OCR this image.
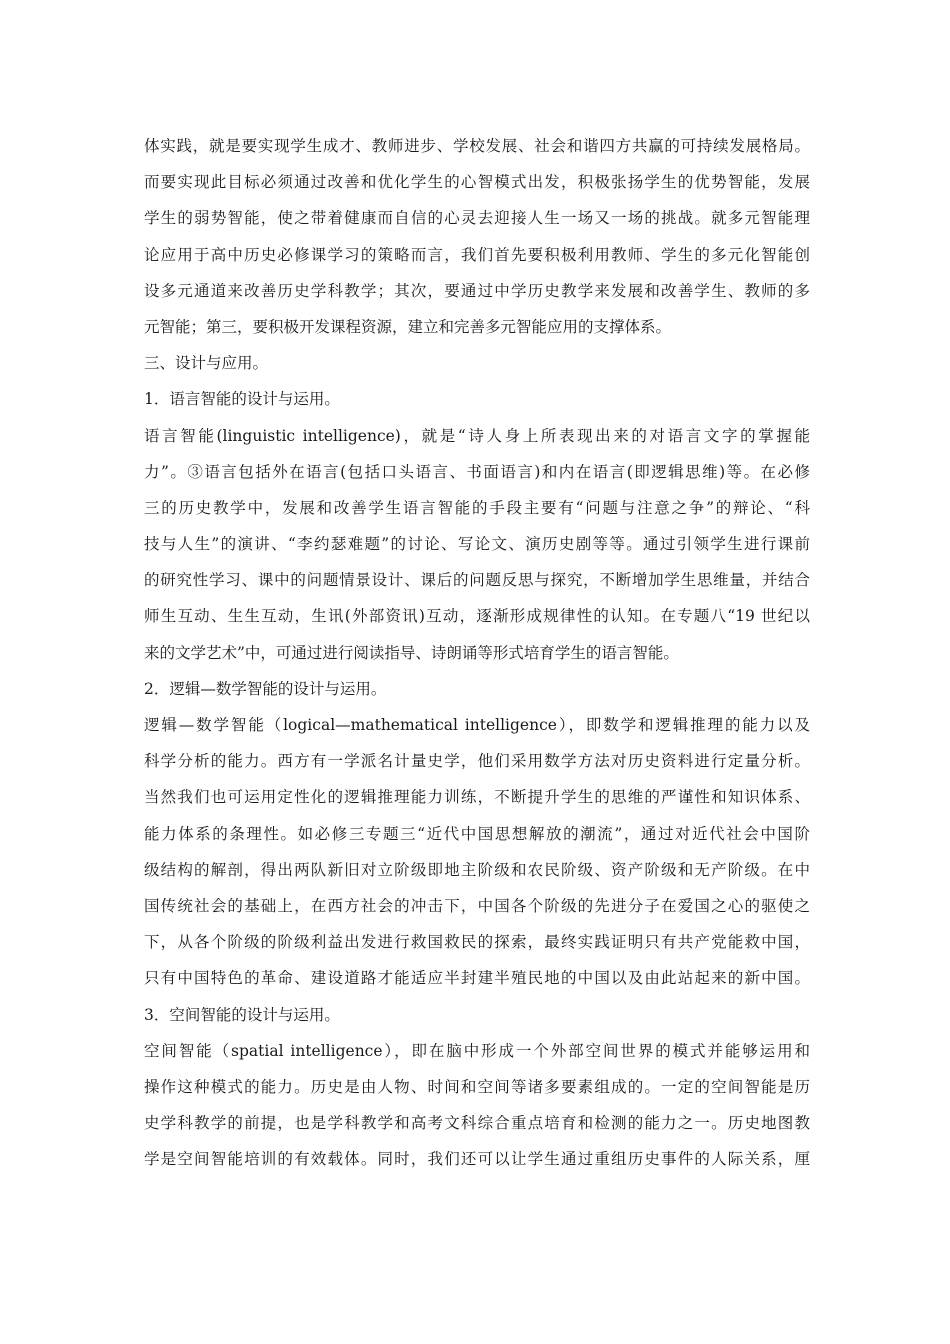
体实践，就是要实现学生成才、教师进步、学校发展、社会和谐四方共赢的可持续发展格局。
而要实现此目标必须通过改善和优化学生的心智模式出发，积极张扬学生的优势智能，发展
学生的弱势智能，使之带着健康而自信的心灵去迎接人生一场又一场的挑战。就多元智能理
论应用于高中历史必修课学习的策略而言，我们首先要积极利用教师、学生的多元化智能创
设多元通道来改善历史学科教学；其次，要通过中学历史教学来发展和改善学生、教师的多
元智能；第三，要积极开发课程资源，建立和完善多元智能应用的支撑体系。
三、设计与应用。
1．语言智能的设计与运用。
语言智能(linguistic intelligence)，就是“诗人身上所表现出来的对语言文字的掌握能
力”。③语言包括外在语言(包括口头语言、书面语言)和内在语言(即逻辑思维)等。在必修
三的历史教学中，发展和改善学生语言智能的手段主要有“问题与注意之争”的辩论、“科
技与人生”的演讲、“李约瑟难题”的讨论、写论文、演历史剧等等。通过引领学生进行课前
的研究性学习、课中的问题情景设计、课后的问题反思与探究，不断增加学生思维量，并结合
师生互动、生生互动，生讯(外部资讯)互动，逐渐形成规律性的认知。在专题八“19 世纪以
来的文学艺术”中，可通过进行阅读指导、诗朗诵等形式培育学生的语言智能。
2．逻辑—数学智能的设计与运用。
逻辑—数学智能（logical—mathematical intelligence），即数学和逻辑推理的能力以及
科学分析的能力。西方有一学派名计量史学，他们采用数学方法对历史资料进行定量分析。
当然我们也可运用定性化的逻辑推理能力训练，不断提升学生的思维的严谨性和知识体系、
能力体系的条理性。如必修三专题三“近代中国思想解放的潮流”，通过对近代社会中国阶
级结构的解剖，得出两队新旧对立阶级即地主阶级和农民阶级、资产阶级和无产阶级。在中
国传统社会的基础上，在西方社会的冲击下，中国各个阶级的先进分子在爱国之心的驱使之
下，从各个阶级的阶级利益出发进行救国救民的探索，最终实践证明只有共产党能救中国，
只有中国特色的革命、建设道路才能适应半封建半殖民地的中国以及由此站起来的新中国。
3．空间智能的设计与运用。
空间智能（spatial intelligence），即在脑中形成一个外部空间世界的模式并能够运用和
操作这种模式的能力。历史是由人物、时间和空间等诸多要素组成的。一定的空间智能是历
史学科教学的前提，也是学科教学和高考文科综合重点培育和检测的能力之一。历史地图教
学是空间智能培训的有效载体。同时，我们还可以让学生通过重组历史事件的人际关系，厘
